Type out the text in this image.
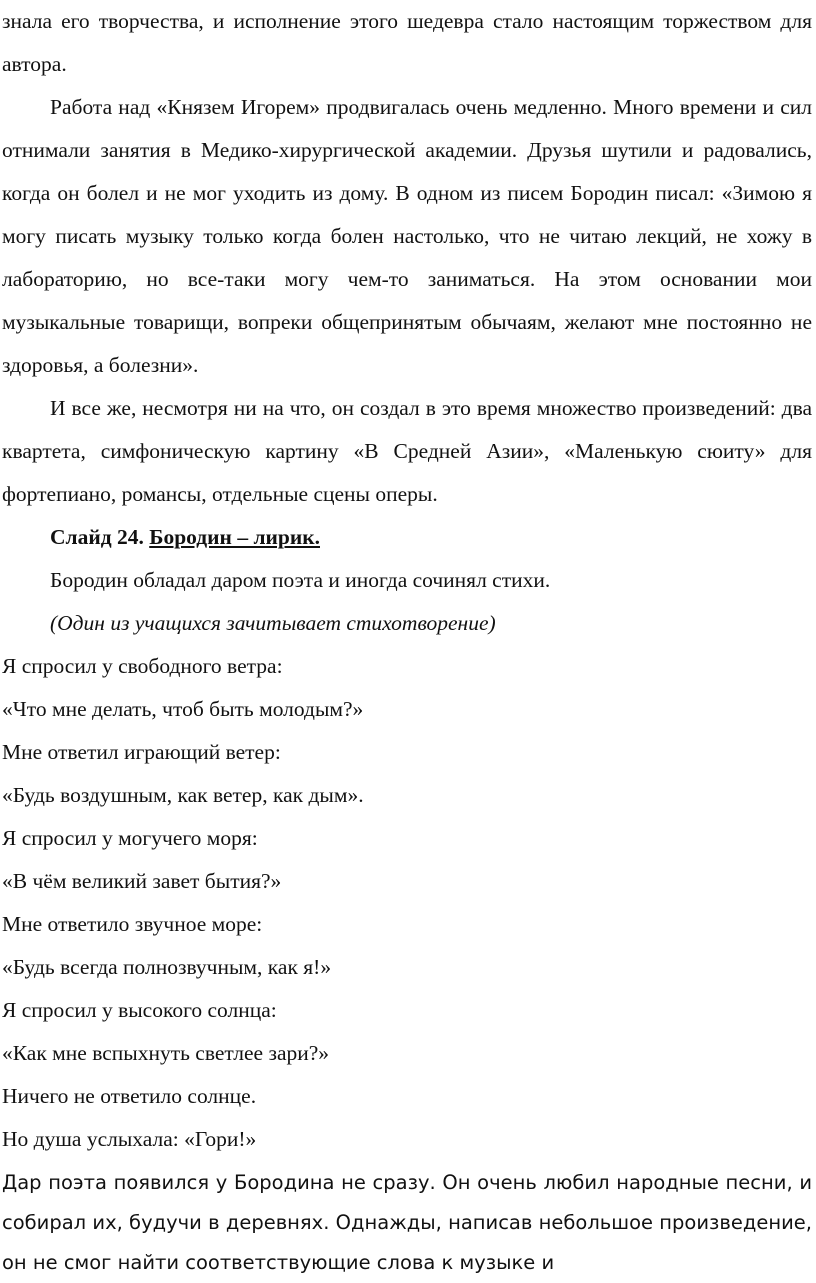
знала его творчества, и исполнение этого шедевра стало настоящим торжеством для автора.

Работа над «Князем Игорем» продвигалась очень медленно. Много времени и сил отнимали занятия в Медико-хирургической академии. Друзья шутили и радовались, когда он болел и не мог уходить из дому. В одном из писем Бородин писал: «Зимою я могу писать музыку только когда болен настолько, что не читаю лекций, не хожу в лабораторию, но все-таки могу чем-то заниматься. На этом основании мои музыкальные товарищи, вопреки общепринятым обычаям, желают мне постоянно не здоровья, а болезни».

И все же, несмотря ни на что, он создал в это время множество произведений: два квартета, симфоническую картину «В Средней Азии», «Маленькую сюиту» для фортепиано, романсы, отдельные сцены оперы.

Слайд 24. Бородин – лирик.

Бородин обладал даром поэта и иногда сочинял стихи.

(Один из учащихся зачитывает стихотворение)

Я спросил у свободного ветра:
«Что мне делать, чтоб быть молодым?»
Мне ответил играющий ветер:
«Будь воздушным, как ветер, как дым».
Я спросил у могучего моря:
«В чём великий завет бытия?»
Мне ответило звучное море:
«Будь всегда полнозвучным, как я!»
Я спросил у высокого солнца:
«Как мне вспыхнуть светлее зари?»
Ничего не ответило солнце.
Но душа услыхала: «Гори!»

Дар поэта появился у Бородина не сразу. Он очень любил народные песни, и собирал их, будучи в деревнях. Однажды, написав небольшое произведение, он не смог найти соответствующие слова к музыке и
